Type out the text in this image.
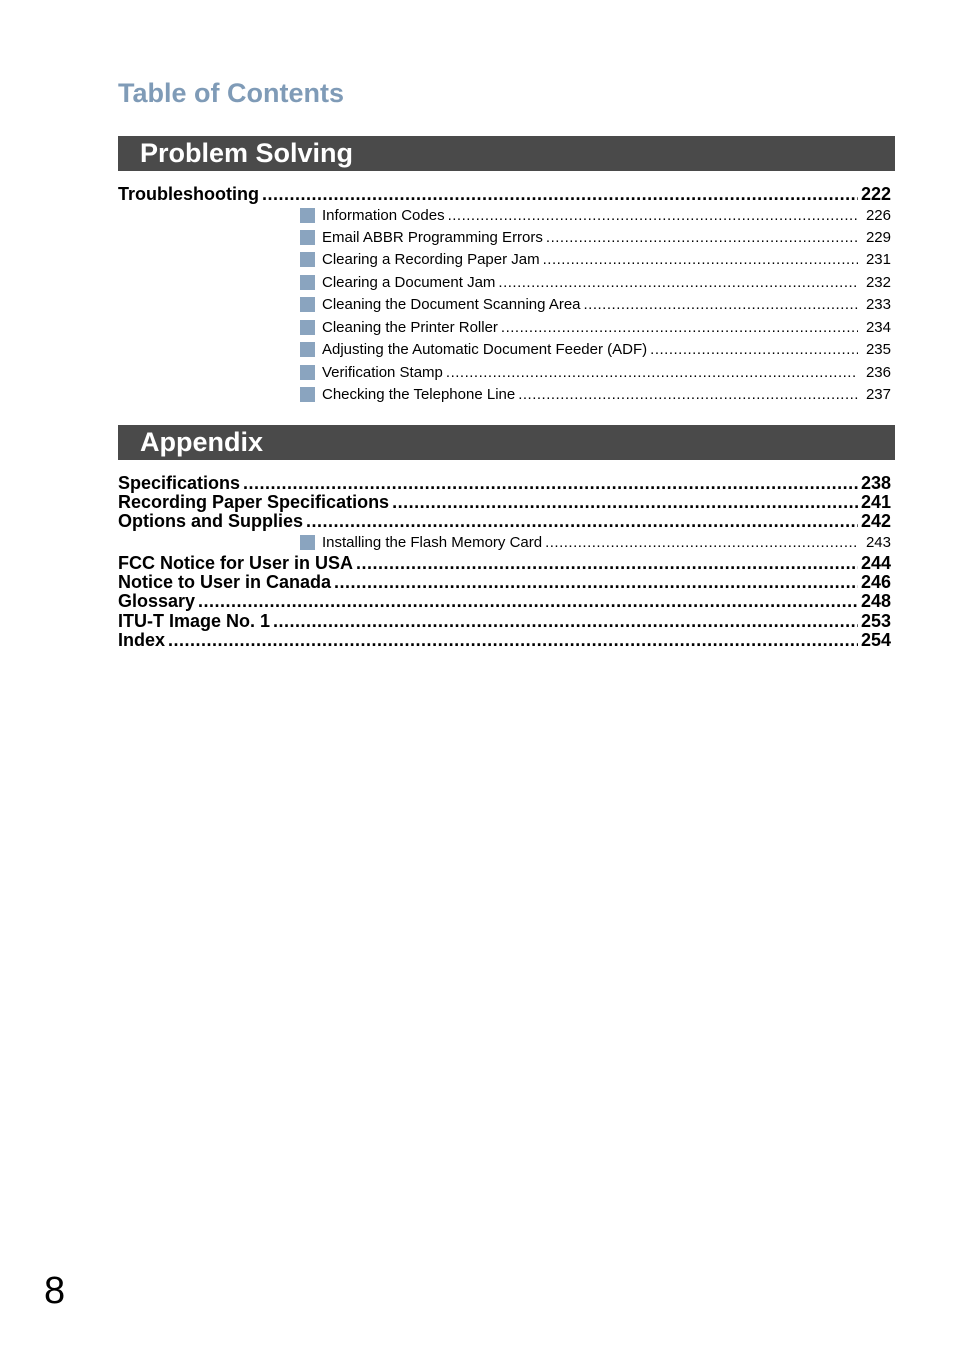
Table of Contents
Problem Solving
Troubleshooting .....	222
Information Codes .....	226
Email ABBR Programming Errors .....	229
Clearing a Recording Paper Jam .....	231
Clearing a Document Jam .....	232
Cleaning the Document Scanning Area .....	233
Cleaning the Printer Roller .....	234
Adjusting the Automatic Document Feeder (ADF) .....	235
Verification Stamp .....	236
Checking the Telephone Line .....	237
Appendix
Specifications .....	238
Recording Paper Specifications .....	241
Options and Supplies .....	242
Installing the Flash Memory Card .....	243
FCC Notice for User in USA .....	244
Notice to User in Canada .....	246
Glossary .....	248
ITU-T Image No. 1 .....	253
Index .....	254
8
